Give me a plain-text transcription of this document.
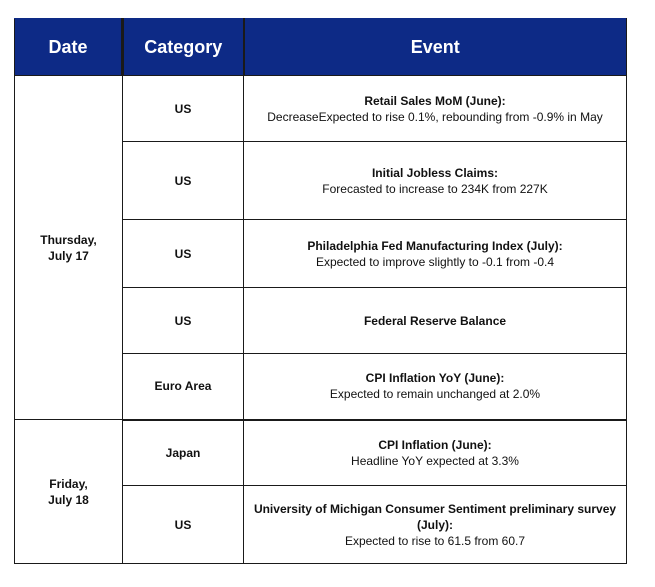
Date	Category	Event
Thursday,
July 17	US	Retail Sales MoM (June):
DecreaseExpected to rise 0.1%, rebounding from -0.9% in May

	US	Initial Jobless Claims:
Forecasted to increase to 234K from 227K

	US	Philadelphia Fed Manufacturing Index (July):
Expected to improve slightly to -0.1 from -0.4

	US	Federal Reserve Balance

	Euro Area	CPI Inflation YoY (June):
Expected to remain unchanged at 2.0%

Friday,
July 18	Japan	CPI Inflation (June):
Headline YoY expected at 3.3%

	US	University of Michigan Consumer Sentiment preliminary survey (July):
Expected to rise to 61.5 from 60.7
